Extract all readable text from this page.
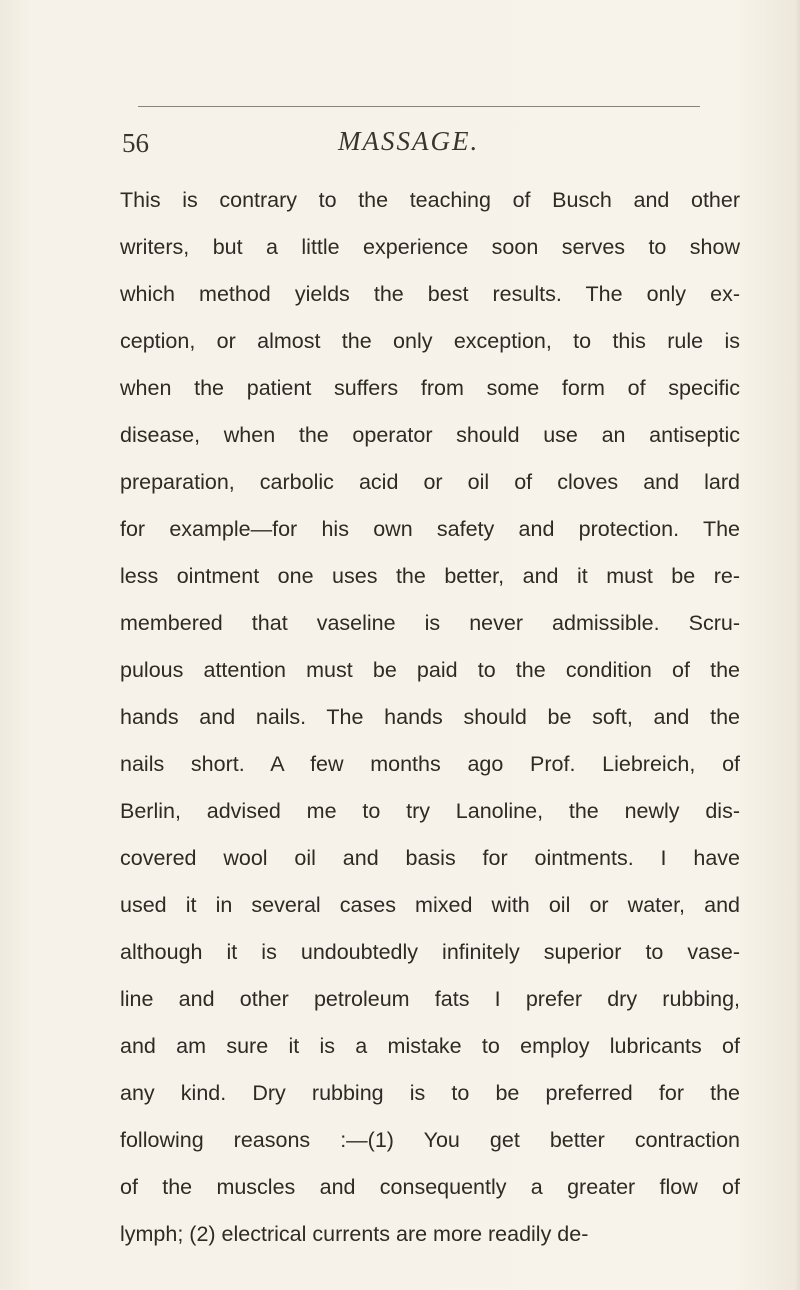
56	MASSAGE.
This is contrary to the teaching of Busch and other
writers, but a little experience soon serves to show
which method yields the best results. The only ex-
ception, or almost the only exception, to this rule is
when the patient suffers from some form of specific
disease, when the operator should use an antiseptic
preparation, carbolic acid or oil of cloves and lard
for example—for his own safety and protection. The
less ointment one uses the better, and it must be re-
membered that vaseline is never admissible. Scru-
pulous attention must be paid to the condition of the
hands and nails. The hands should be soft, and the
nails short. A few months ago Prof. Liebreich, of
Berlin, advised me to try Lanoline, the newly dis-
covered wool oil and basis for ointments. I have
used it in several cases mixed with oil or water, and
although it is undoubtedly infinitely superior to vase-
line and other petroleum fats I prefer dry rubbing,
and am sure it is a mistake to employ lubricants of
any kind. Dry rubbing is to be preferred for the
following reasons :—(1) You get better contraction
of the muscles and consequently a greater flow of
lymph; (2) electrical currents are more readily de-
